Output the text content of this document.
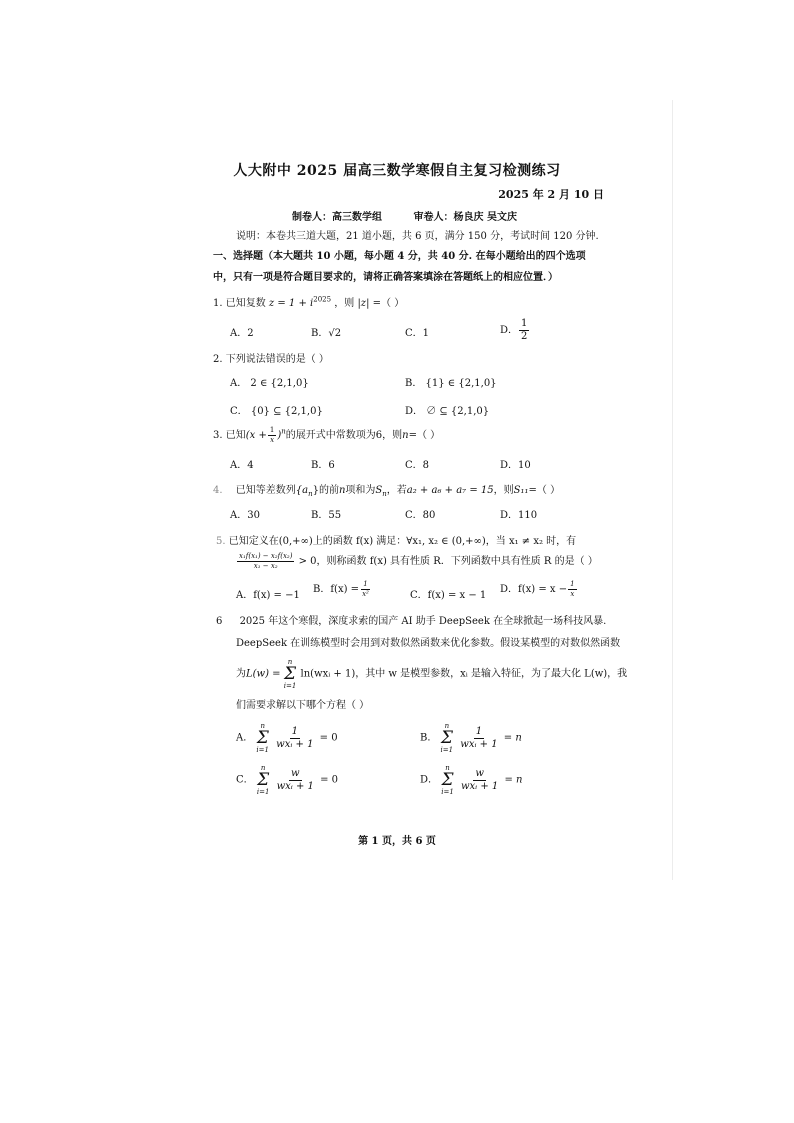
人大附中 2025 届高三数学寒假自主复习检测练习
2025 年 2 月 10 日
制卷人：高三数学组	审卷人：杨良庆 吴文庆
说明：本卷共三道大题，21 道小题，共 6 页，满分 150 分，考试时间 120 分钟.
一、选择题（本大题共 10 小题，每小题 4 分，共 40 分. 在每小题给出的四个选项中，只有一项是符合题目要求的，请将正确答案填涂在答题纸上的相应位置．）
1. 已知复数 $z = 1 + i^{2025}$ ，则 |z| =（ ）
A．2	B．√2	C．1	D． $\frac{1}{2}$
2. 下列说法错误的是（ ）
A． 2 ∈ {2,1,0}	B． {1} ∈ {2,1,0}
C． {0} ⊆ {2,1,0}	D． ∅ ⊆ {2,1,0}
3. 已知$(x + \frac{1}{x} )^n$的展开式中常数项为6，则n=（ ）
A．4	B．6	C．8	D．10
4. 已知等差数列$\{a_n\}$的前n项和为$S_n$，若a₂ + a₆ + a₇ = 15，则S₁₁=（ ）
A．30	B．55	C．80	D．110
5. 已知定义在(0,+∞)上的函数 f(x) 满足：∀x₁, x₂ ∈ (0,+∞)，当 x₁ ≠ x₂ 时，有
$\frac{\text{x₁f(x₁) − x₂f(x₂)}}{\text{x₁ − x₂}} > 0$，则称函数 f(x) 具有性质 R．下列函数中具有性质 R 的是（ ）
A．f(x) = −1
B．$f(x) = \frac{1}{\text{x²}}$	C．f(x) = x − 1
D．$f(x) = x - \frac{1}{x}$
6 2025 年这个寒假，深度求索的国产 AI 助手 DeepSeek 在全球掀起一场科技风暴.
DeepSeek 在训练模型时会用到对数似然函数来优化参数。假设某模型的对数似然函数
为L(w) =
n
Σ
i=1
ln(wxᵢ + 1)，其中 w 是模型参数，xᵢ 是输入特征，为了最大化 L(w)，我
们需要求解以下哪个方程（ ）
A．
n
Σ
i=1
$\frac{1}{\text{wxᵢ + 1}} = 0$	B．
n
Σ
i=1
$\frac{1}{\text{wxᵢ + 1}} = n$
C．
n
Σ
i=1
$\frac{w}{\text{wxᵢ + 1}} = 0$	D．
n
Σ
i=1
$\frac{w}{\text{wxᵢ + 1}} = n$
第 1 页，共 6 页
